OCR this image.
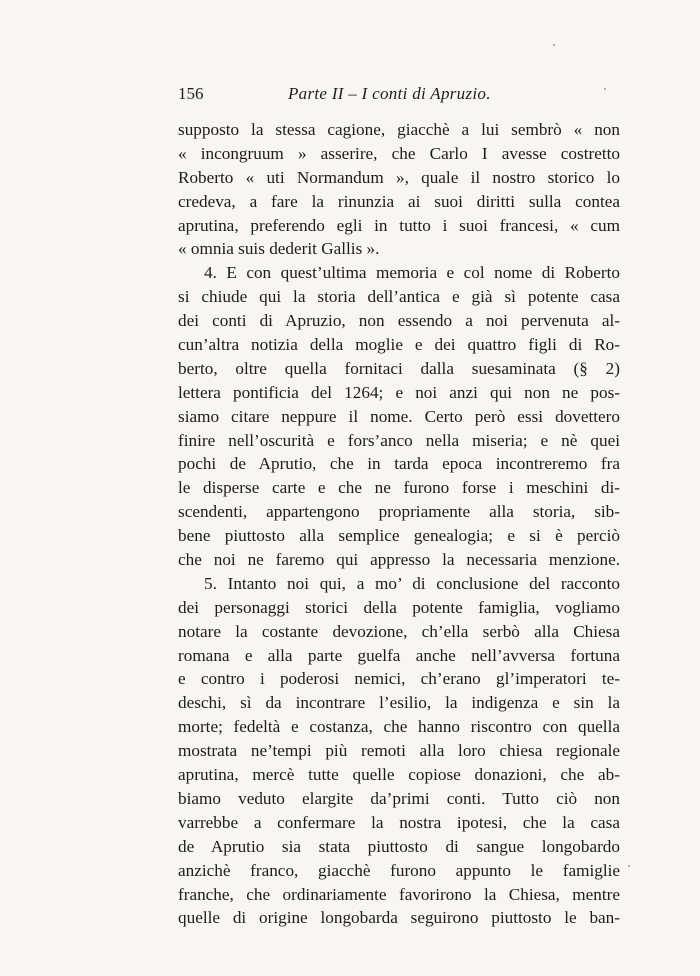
156	Parte II – I conti di Apruzio.
supposto la stessa cagione, giacchè a lui sembrò « non
« incongruum » asserire, che Carlo I avesse costretto
Roberto « uti Normandum », quale il nostro storico lo
credeva, a fare la rinunzia ai suoi diritti sulla contea
aprutina, preferendo egli in tutto i suoi francesi, « cum
« omnia suis dederit Gallis ».
4. E con quest’ultima memoria e col nome di Roberto
si chiude qui la storia dell’antica e già sì potente casa
dei conti di Apruzio, non essendo a noi pervenuta al-
cun’altra notizia della moglie e dei quattro figli di Ro-
berto, oltre quella fornitaci dalla suesaminata (§ 2)
lettera pontificia del 1264; e noi anzi qui non ne pos-
siamo citare neppure il nome. Certo però essi dovettero
finire nell’oscurità e fors’anco nella miseria; e nè quei
pochi de Aprutio, che in tarda epoca incontreremo fra
le disperse carte e che ne furono forse i meschini di-
scendenti, appartengono propriamente alla storia, sib-
bene piuttosto alla semplice genealogia; e si è perciò
che noi ne faremo qui appresso la necessaria menzione.
5. Intanto noi qui, a mo’ di conclusione del racconto
dei personaggi storici della potente famiglia, vogliamo
notare la costante devozione, ch’ella serbò alla Chiesa
romana e alla parte guelfa anche nell’avversa fortuna
e contro i poderosi nemici, ch’erano gl’imperatori te-
deschi, sì da incontrare l’esilio, la indigenza e sin la
morte; fedeltà e costanza, che hanno riscontro con quella
mostrata ne’tempi più remoti alla loro chiesa regionale
aprutina, mercè tutte quelle copiose donazioni, che ab-
biamo veduto elargite da’primi conti. Tutto ciò non
varrebbe a confermare la nostra ipotesi, che la casa
de Aprutio sia stata piuttosto di sangue longobardo
anzichè franco, giacchè furono appunto le famiglie
franche, che ordinariamente favorirono la Chiesa, mentre
quelle di origine longobarda seguirono piuttosto le ban-
